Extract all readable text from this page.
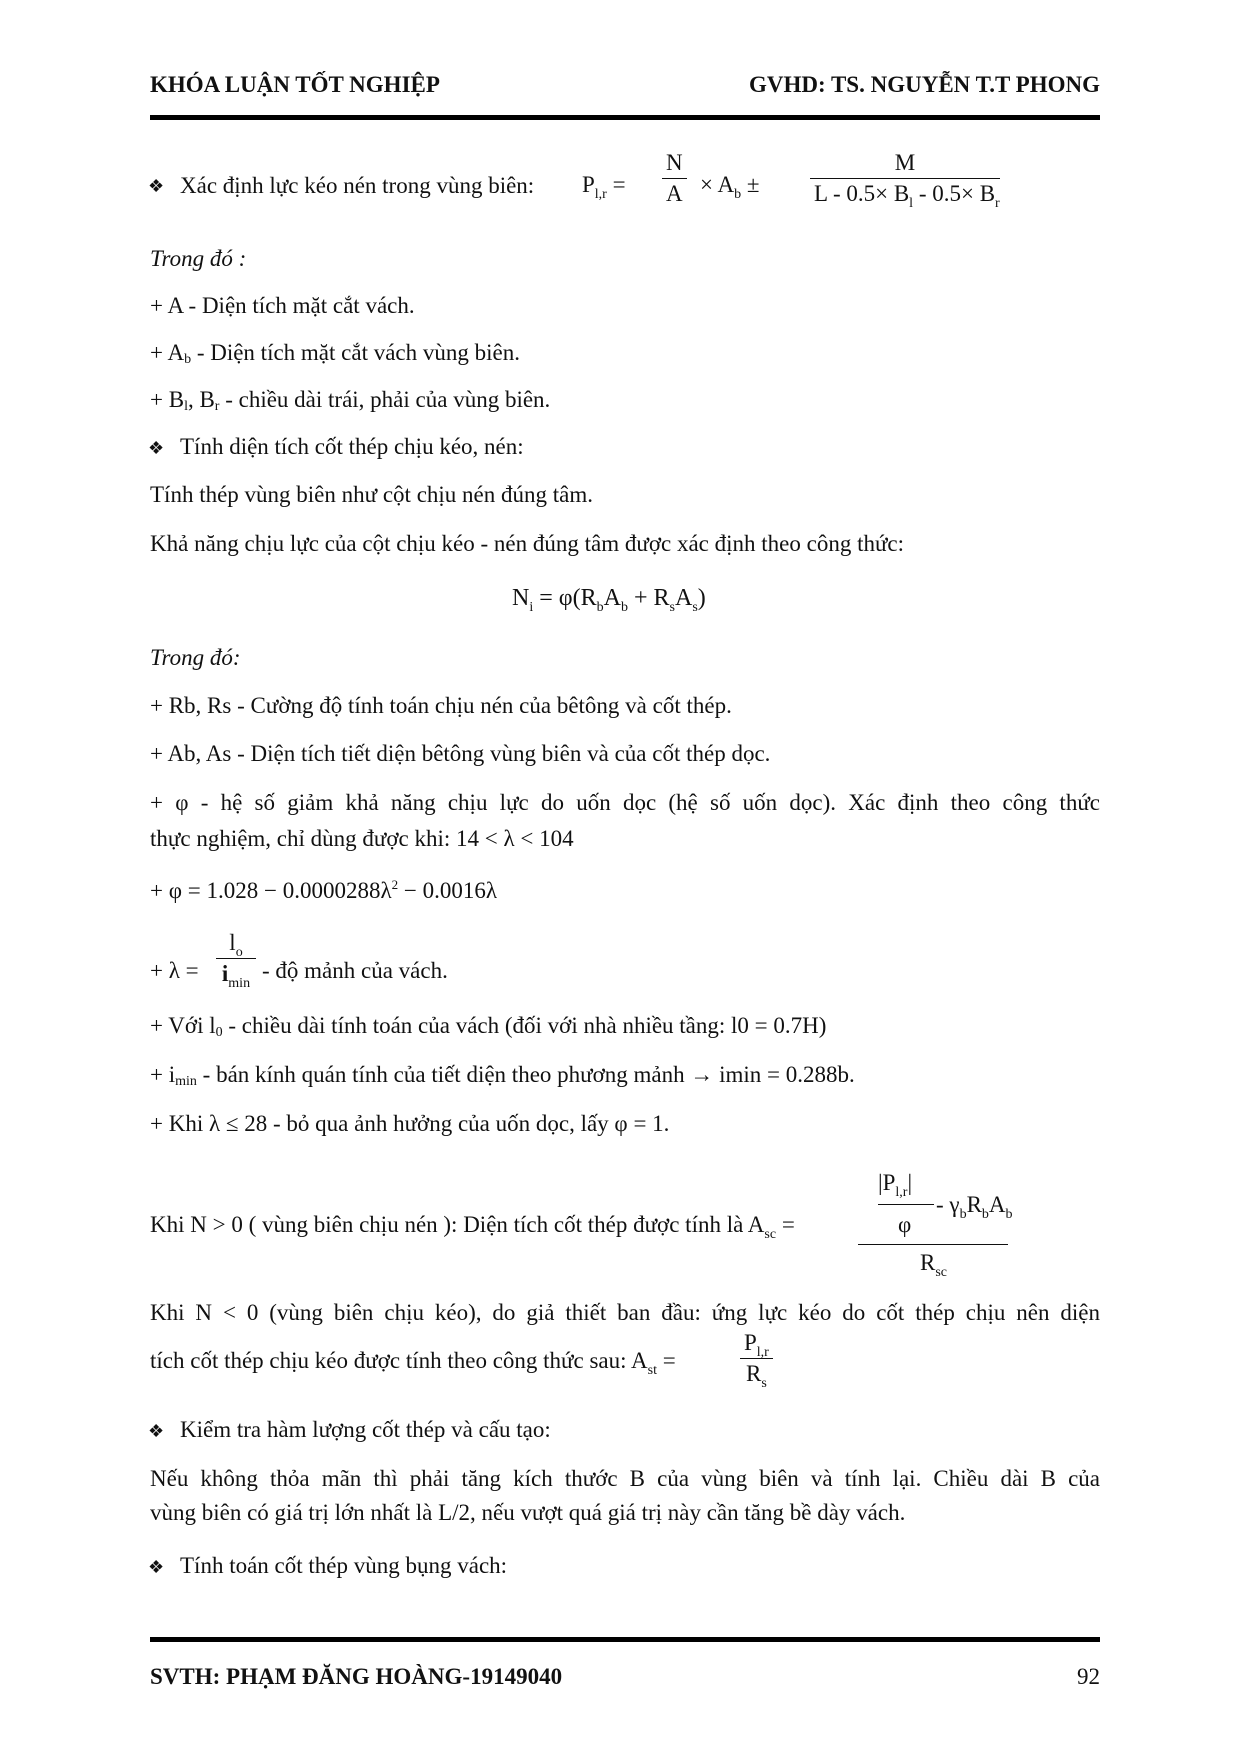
KHÓA LUẬN TỐT NGHIỆP	GVHD: TS. NGUYỄN T.T PHONG
❖ Xác định lực kéo nén trong vùng biên: $P_{l,r} = \frac{N}{A} \times A_b \pm \frac{M}{L - 0.5\times B_l - 0.5\times B_r}$
Trong đó :
+ A - Diện tích mặt cắt vách.
+ Ab - Diện tích mặt cắt vách vùng biên.
+ Bl, Br - chiều dài trái, phải của vùng biên.
❖ Tính diện tích cốt thép chịu kéo, nén:
Tính thép vùng biên như cột chịu nén đúng tâm.
Khả năng chịu lực của cột chịu kéo - nén đúng tâm được xác định theo công thức:
$N_i = \varphi(R_bA_b + R_sA_s)$
Trong đó:
+ Rb, Rs - Cường độ tính toán chịu nén của bêtông và cốt thép.
+ Ab, As - Diện tích tiết diện bêtông vùng biên và của cốt thép dọc.
+ φ - hệ số giảm khả năng chịu lực do uốn dọc (hệ số uốn dọc). Xác định theo công thức
thực nghiệm, chỉ dùng được khi: 14 < λ < 104
+ $\varphi = 1.028 - 0.0000288\lambda^2 - 0.0016\lambda$
+ λ =
$l_o$
$i_{min}$
- độ mảnh của vách.
+ Với l0 - chiều dài tính toán của vách (đối với nhà nhiều tầng: l0 = 0.7H)
+ imin - bán kính quán tính của tiết diện theo phương mảnh → imin = 0.288b.
+ Khi λ ≤ 28 - bỏ qua ảnh hưởng của uốn dọc, lấy φ = 1.
Khi N > 0 ( vùng biên chịu nén ): Diện tích cốt thép được tính là $A_{sc}$ =
$|P_{l,r}|$
φ
- $\gamma_bR_bA_b$
$R_{sc}$
Khi N < 0 (vùng biên chịu kéo), do giả thiết ban đầu: ứng lực kéo do cốt thép chịu nên diện
tích cốt thép chịu kéo được tính theo công thức sau: $A_{st}$ =	$\frac{P_{l,r}}{R_s}$
❖ Kiểm tra hàm lượng cốt thép và cấu tạo:
Nếu không thỏa mãn thì phải tăng kích thước B của vùng biên và tính lại. Chiều dài B của
vùng biên có giá trị lớn nhất là L/2, nếu vượt quá giá trị này cần tăng bề dày vách.
❖ Tính toán cốt thép vùng bụng vách:
SVTH: PHẠM ĐĂNG HOÀNG-19149040	92
